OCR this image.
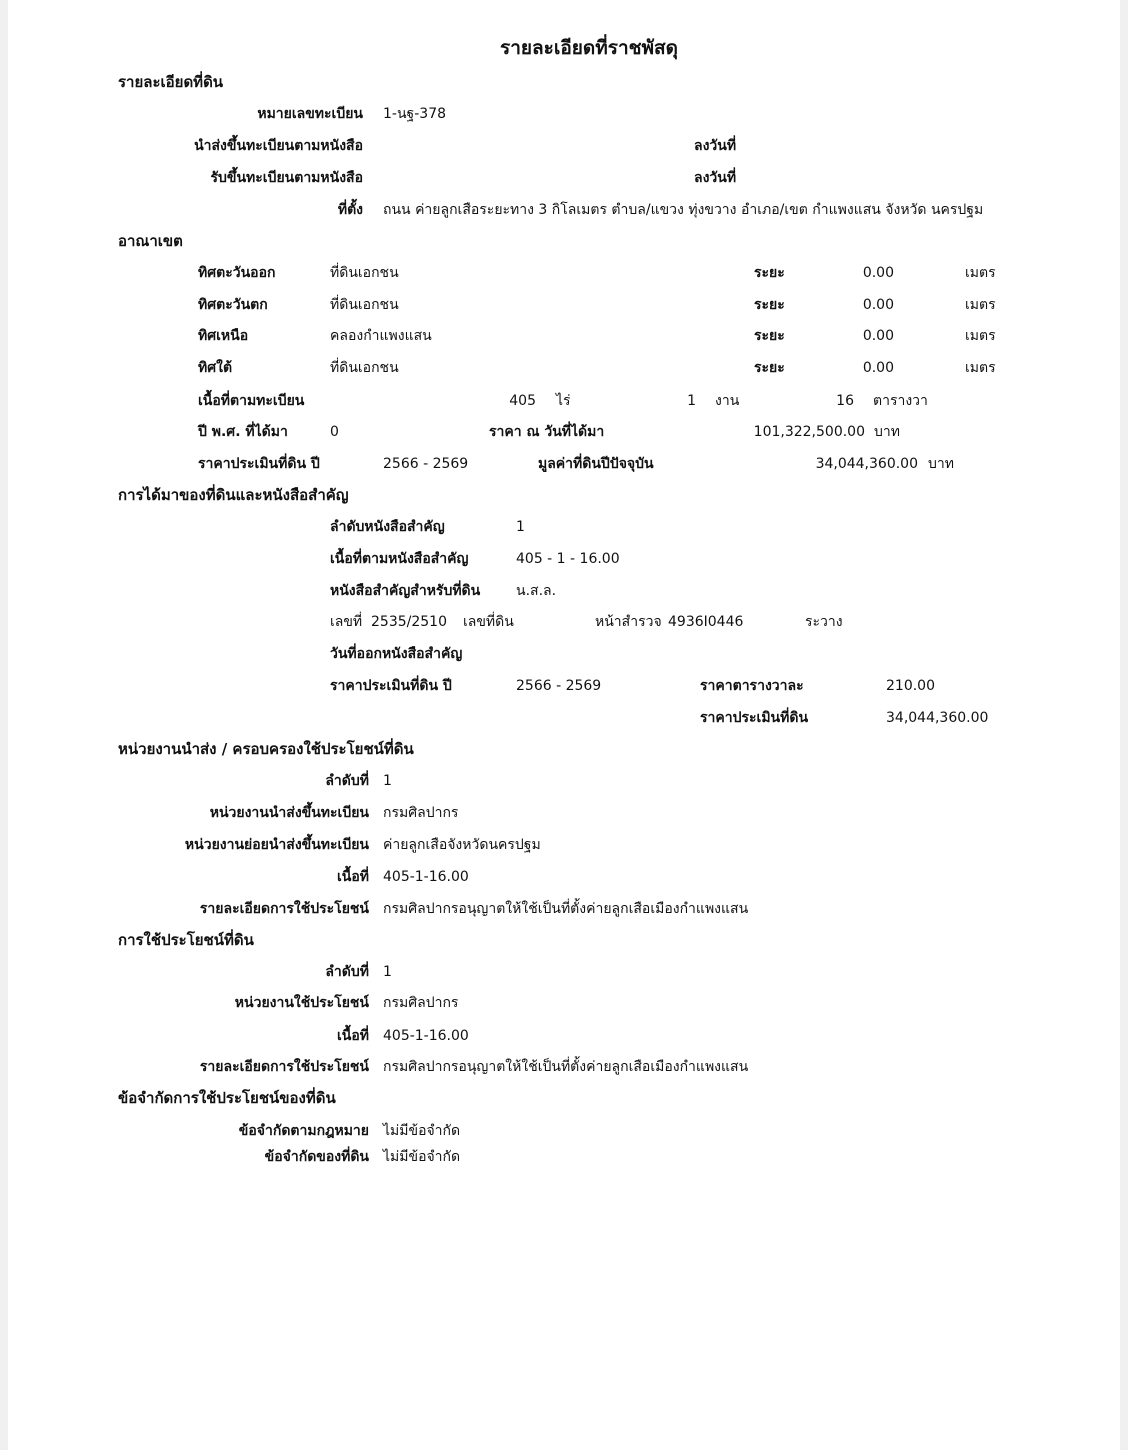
รายละเอียดที่ราชพัสดุ
รายละเอียดที่ดิน
หมายเลขทะเบียน 1-นฐ-378
นำส่งขึ้นทะเบียนตามหนังสือ	ลงวันที่
รับขึ้นทะเบียนตามหนังสือ	ลงวันที่
ที่ตั้ง ถนน ค่ายลูกเสือระยะทาง 3 กิโลเมตร ตำบล/แขวง ทุ่งขวาง อำเภอ/เขต กำแพงแสน จังหวัด นครปฐม
อาณาเขต
ทิศตะวันออก	ที่ดินเอกชน	ระยะ	0.00	เมตร
ทิศตะวันตก	ที่ดินเอกชน	ระยะ	0.00	เมตร
ทิศเหนือ	คลองกำแพงแสน	ระยะ	0.00	เมตร
ทิศใต้	ที่ดินเอกชน	ระยะ	0.00	เมตร
เนื้อที่ตามทะเบียน	405 ไร่	1 งาน	16 ตารางวา
ปี พ.ศ. ที่ได้มา	0	ราคา ณ วันที่ได้มา	101,322,500.00 บาท
ราคาประเมินที่ดิน ปี	2566 - 2569	มูลค่าที่ดินปีปัจจุบัน	34,044,360.00 บาท
การได้มาของที่ดินและหนังสือสำคัญ
ลำดับหนังสือสำคัญ	1
เนื้อที่ตามหนังสือสำคัญ	405 - 1 - 16.00
หนังสือสำคัญสำหรับที่ดิน	น.ส.ล.
เลขที่ 2535/2510 เลขที่ดิน	หน้าสำรวจ 4936I0446	ระวาง
วันที่ออกหนังสือสำคัญ
ราคาประเมินที่ดิน ปี	2566 - 2569	ราคาตารางวาละ	210.00
ราคาประเมินที่ดิน	34,044,360.00
หน่วยงานนำส่ง / ครอบครองใช้ประโยชน์ที่ดิน
ลำดับที่ 1
หน่วยงานนำส่งขึ้นทะเบียน กรมศิลปากร
หน่วยงานย่อยนำส่งขึ้นทะเบียน ค่ายลูกเสือจังหวัดนครปฐม
เนื้อที่ 405-1-16.00
รายละเอียดการใช้ประโยชน์ กรมศิลปากรอนุญาตให้ใช้เป็นที่ตั้งค่ายลูกเสือเมืองกำแพงแสน
การใช้ประโยชน์ที่ดิน
ลำดับที่ 1
หน่วยงานใช้ประโยชน์ กรมศิลปากร
เนื้อที่ 405-1-16.00
รายละเอียดการใช้ประโยชน์ กรมศิลปากรอนุญาตให้ใช้เป็นที่ตั้งค่ายลูกเสือเมืองกำแพงแสน
ข้อจำกัดการใช้ประโยชน์ของที่ดิน
ข้อจำกัดตามกฎหมาย ไม่มีข้อจำกัด
ข้อจำกัดของที่ดิน ไม่มีข้อจำกัด
